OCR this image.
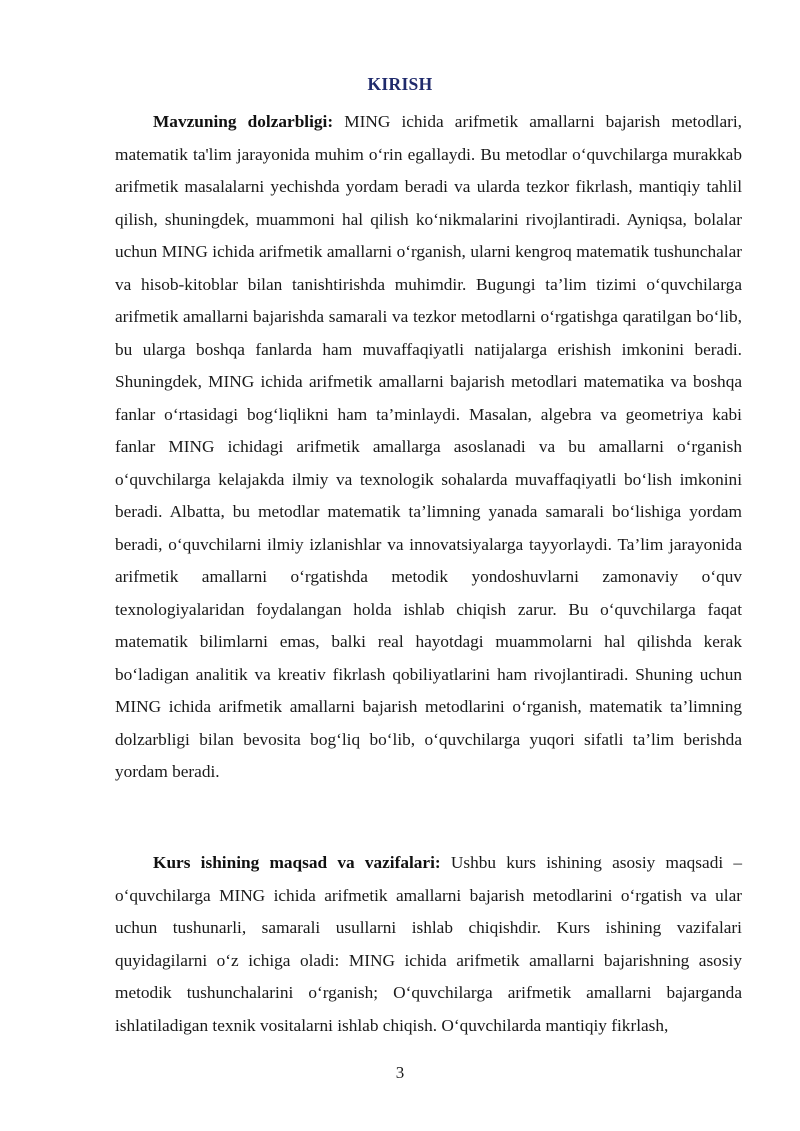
KIRISH

Mavzuning dolzarbligi: MING ichida arifmetik amallarni bajarish metodlari, matematik ta'lim jarayonida muhim o‘rin egallaydi. Bu metodlar o‘quvchilarga murakkab arifmetik masalalarni yechishda yordam beradi va ularda tezkor fikrlash, mantiqiy tahlil qilish, shuningdek, muammoni hal qilish ko‘nikmalarini rivojlantiradi. Ayniqsa, bolalar uchun MING ichida arifmetik amallarni o‘rganish, ularni kengroq matematik tushunchalar va hisob-kitoblar bilan tanishtirishda muhimdir. Bugungi ta’lim tizimi o‘quvchilarga arifmetik amallarni bajarishda samarali va tezkor metodlarni o‘rgatishga qaratilgan bo‘lib, bu ularga boshqa fanlarda ham muvaffaqiyatli natijalarga erishish imkonini beradi. Shuningdek, MING ichida arifmetik amallarni bajarish metodlari matematika va boshqa fanlar o‘rtasidagi bog‘liqlikni ham ta’minlaydi. Masalan, algebra va geometriya kabi fanlar MING ichidagi arifmetik amallarga asoslanadi va bu amallarni o‘rganish o‘quvchilarga kelajakda ilmiy va texnologik sohalarda muvaffaqiyatli bo‘lish imkonini beradi. Albatta, bu metodlar matematik ta’limning yanada samarali bo‘lishiga yordam beradi, o‘quvchilarni ilmiy izlanishlar va innovatsiyalarga tayyorlaydi. Ta’lim jarayonida arifmetik amallarni o‘rgatishda metodik yondoshuvlarni zamonaviy o‘quv texnologiyalaridan foydalangan holda ishlab chiqish zarur. Bu o‘quvchilarga faqat matematik bilimlarni emas, balki real hayotdagi muammolarni hal qilishda kerak bo‘ladigan analitik va kreativ fikrlash qobiliyatlarini ham rivojlantiradi. Shuning uchun MING ichida arifmetik amallarni bajarish metodlarini o‘rganish, matematik ta’limning dolzarbligi bilan bevosita bog‘liq bo‘lib, o‘quvchilarga yuqori sifatli ta’lim berishda yordam beradi.

Kurs ishining maqsad va vazifalari: Ushbu kurs ishining asosiy maqsadi – o‘quvchilarga MING ichida arifmetik amallarni bajarish metodlarini o‘rgatish va ular uchun tushunarli, samarali usullarni ishlab chiqishdir. Kurs ishining vazifalari quyidagilarni o‘z ichiga oladi: MING ichida arifmetik amallarni bajarishning asosiy metodik tushunchalarini o‘rganish; O‘quvchilarga arifmetik amallarni bajarganda ishlatiladigan texnik vositalarni ishlab chiqish. O‘quvchilarda mantiqiy fikrlash,

3
